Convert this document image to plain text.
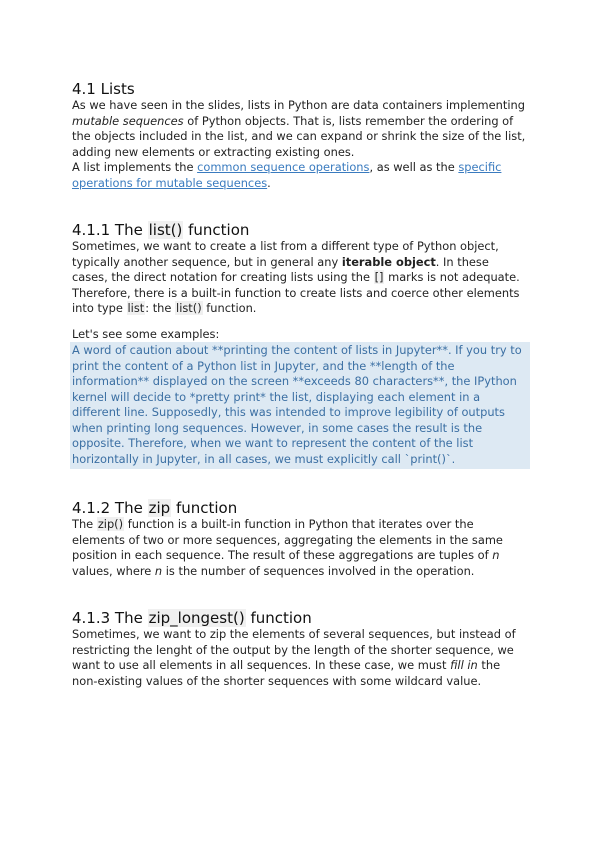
4.1 Lists

As we have seen in the slides, lists in Python are data containers implementing mutable sequences of Python objects. That is, lists remember the ordering of the objects included in the list, and we can expand or shrink the size of the list, adding new elements or extracting existing ones.

A list implements the common sequence operations, as well as the specific operations for mutable sequences.

4.1.1 The list() function

Sometimes, we want to create a list from a different type of Python object, typically another sequence, but in general any iterable object. In these cases, the direct notation for creating lists using the [] marks is not adequate. Therefore, there is a built-in function to create lists and coerce other elements into type list: the list() function.

Let's see some examples:

A word of caution about **printing the content of lists in Jupyter**. If you try to print the content of a Python list in Jupyter, and the **length of the information** displayed on the screen **exceeds 80 characters**, the IPython kernel will decide to *pretty print* the list, displaying each element in a different line. Supposedly, this was intended to improve legibility of outputs when printing long sequences. However, in some cases the result is the opposite. Therefore, when we want to represent the content of the list horizontally in Jupyter, in all cases, we must explicitly call `print()`.
4.1.2 The zip function

The zip() function is a built-in function in Python that iterates over the elements of two or more sequences, aggregating the elements in the same position in each sequence. The result of these aggregations are tuples of n values, where n is the number of sequences involved in the operation.

4.1.3 The zip_longest() function

Sometimes, we want to zip the elements of several sequences, but instead of restricting the lenght of the output by the length of the shorter sequence, we want to use all elements in all sequences. In these case, we must fill in the non-existing values of the shorter sequences with some wildcard value.
